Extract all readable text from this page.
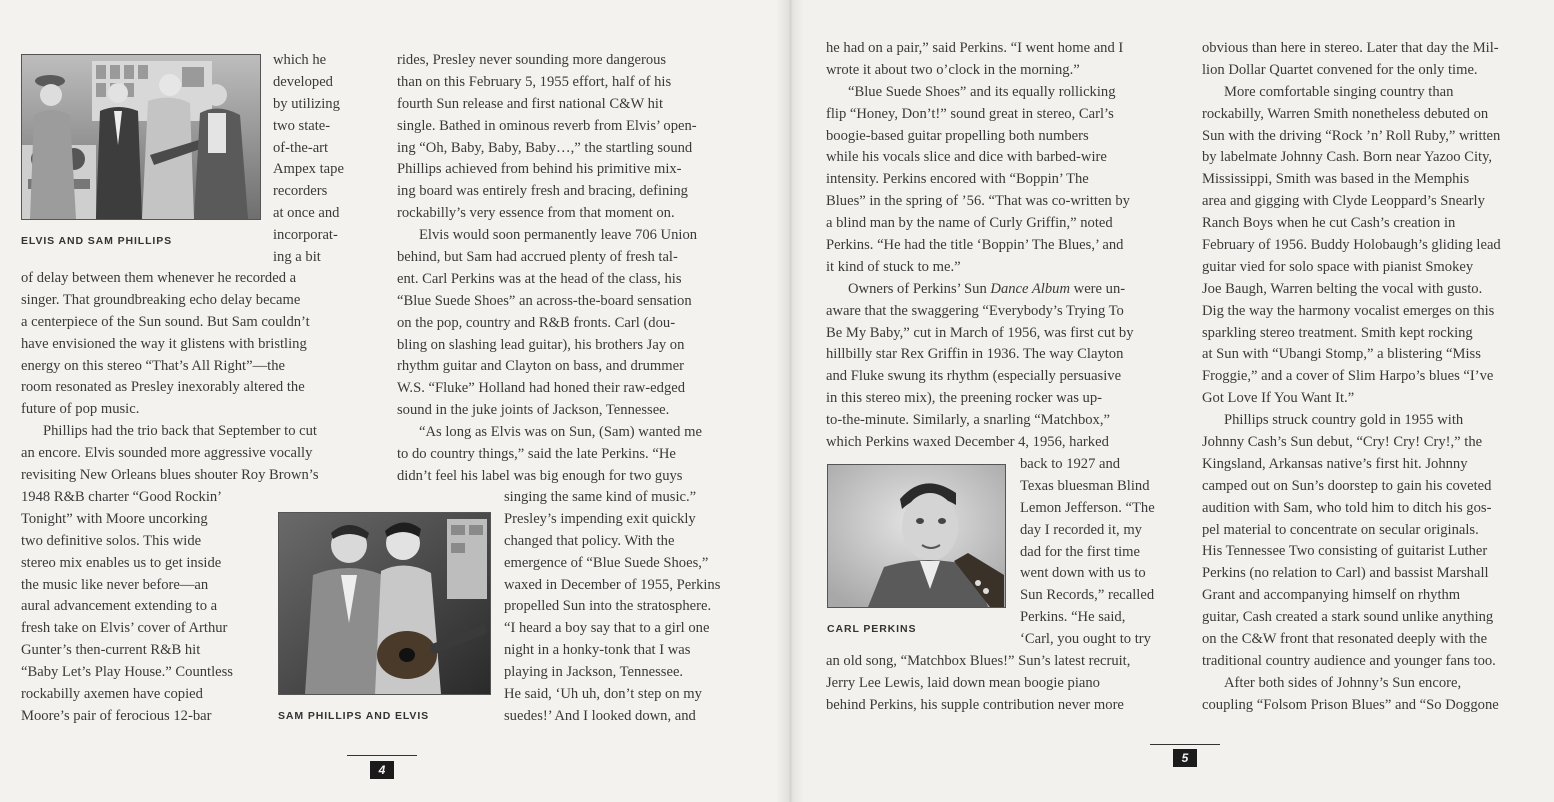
ELVIS AND SAM PHILLIPS
which he
developed
by utilizing
two state-
of-the-art
Ampex tape
recorders
at once and
incorporat-
ing a bit
of delay between them whenever he recorded a
singer. That groundbreaking echo delay became
a centerpiece of the Sun sound. But Sam couldn’t
have envisioned the way it glistens with bristling
energy on this stereo “That’s All Right”—the
room resonated as Presley inexorably altered the
future of pop music.
Phillips had the trio back that September to cut
an encore. Elvis sounded more aggressive vocally
revisiting New Orleans blues shouter Roy Brown’s
1948 R&B charter “Good Rockin’
Tonight” with Moore uncorking
two definitive solos. This wide
stereo mix enables us to get inside
the music like never before—an
aural advancement extending to a
fresh take on Elvis’ cover of Arthur
Gunter’s then-current R&B hit
“Baby Let’s Play House.” Countless
rockabilly axemen have copied
Moore’s pair of ferocious 12-bar	SAM PHILLIPS AND ELVIS
rides, Presley never sounding more dangerous
than on this February 5, 1955 effort, half of his
fourth Sun release and first national C&W hit
single. Bathed in ominous reverb from Elvis’ open-
ing “Oh, Baby, Baby, Baby…,” the startling sound
Phillips achieved from behind his primitive mix-
ing board was entirely fresh and bracing, defining
rockabilly’s very essence from that moment on.
Elvis would soon permanently leave 706 Union
behind, but Sam had accrued plenty of fresh tal-
ent. Carl Perkins was at the head of the class, his
“Blue Suede Shoes” an across-the-board sensation
on the pop, country and R&B fronts. Carl (dou-
bling on slashing lead guitar), his brothers Jay on
rhythm guitar and Clayton on bass, and drummer
W.S. “Fluke” Holland had honed their raw-edged
sound in the juke joints of Jackson, Tennessee.
“As long as Elvis was on Sun, (Sam) wanted me
to do country things,” said the late Perkins. “He
didn’t feel his label was big enough for two guys
singing the same kind of music.”
Presley’s impending exit quickly
changed that policy. With the
emergence of “Blue Suede Shoes,”
waxed in December of 1955, Perkins
propelled Sun into the stratosphere.
“I heard a boy say that to a girl one
night in a honky-tonk that I was
playing in Jackson, Tennessee.
He said, ‘Uh uh, don’t step on my
suedes!’ And I looked down, and
4
he had on a pair,” said Perkins. “I went home and I
wrote it about two o’clock in the morning.”
“Blue Suede Shoes” and its equally rollicking
flip “Honey, Don’t!” sound great in stereo, Carl’s
boogie-based guitar propelling both numbers
while his vocals slice and dice with barbed-wire
intensity. Perkins encored with “Boppin’ The
Blues” in the spring of ’56. “That was co-written by
a blind man by the name of Curly Griffin,” noted
Perkins. “He had the title ‘Boppin’ The Blues,’ and
it kind of stuck to me.”
Owners of Perkins’ Sun Dance Album were un-
aware that the swaggering “Everybody’s Trying To
Be My Baby,” cut in March of 1956, was first cut by
hillbilly star Rex Griffin in 1936. The way Clayton
and Fluke swung its rhythm (especially persuasive
in this stereo mix), the preening rocker was up-
to-the-minute. Similarly, a snarling “Matchbox,”
which Perkins waxed December 4, 1956, harked
CARL PERKINS
back to 1927 and
Texas bluesman Blind
Lemon Jefferson. “The
day I recorded it, my
dad for the first time
went down with us to
Sun Records,” recalled
Perkins. “He said,
‘Carl, you ought to try
an old song, “Matchbox Blues!” Sun’s latest recruit,
Jerry Lee Lewis, laid down mean boogie piano
behind Perkins, his supple contribution never more
obvious than here in stereo. Later that day the Mil-
lion Dollar Quartet convened for the only time.
More comfortable singing country than
rockabilly, Warren Smith nonetheless debuted on
Sun with the driving “Rock ’n’ Roll Ruby,” written
by labelmate Johnny Cash. Born near Yazoo City,
Mississippi, Smith was based in the Memphis
area and gigging with Clyde Leoppard’s Snearly
Ranch Boys when he cut Cash’s creation in
February of 1956. Buddy Holobaugh’s gliding lead
guitar vied for solo space with pianist Smokey
Joe Baugh, Warren belting the vocal with gusto.
Dig the way the harmony vocalist emerges on this
sparkling stereo treatment. Smith kept rocking
at Sun with “Ubangi Stomp,” a blistering “Miss
Froggie,” and a cover of Slim Harpo’s blues “I’ve
Got Love If You Want It.”
Phillips struck country gold in 1955 with
Johnny Cash’s Sun debut, “Cry! Cry! Cry!,” the
Kingsland, Arkansas native’s first hit. Johnny
camped out on Sun’s doorstep to gain his coveted
audition with Sam, who told him to ditch his gos-
pel material to concentrate on secular originals.
His Tennessee Two consisting of guitarist Luther
Perkins (no relation to Carl) and bassist Marshall
Grant and accompanying himself on rhythm
guitar, Cash created a stark sound unlike anything
on the C&W front that resonated deeply with the
traditional country audience and younger fans too.
After both sides of Johnny’s Sun encore,
coupling “Folsom Prison Blues” and “So Doggone
5
